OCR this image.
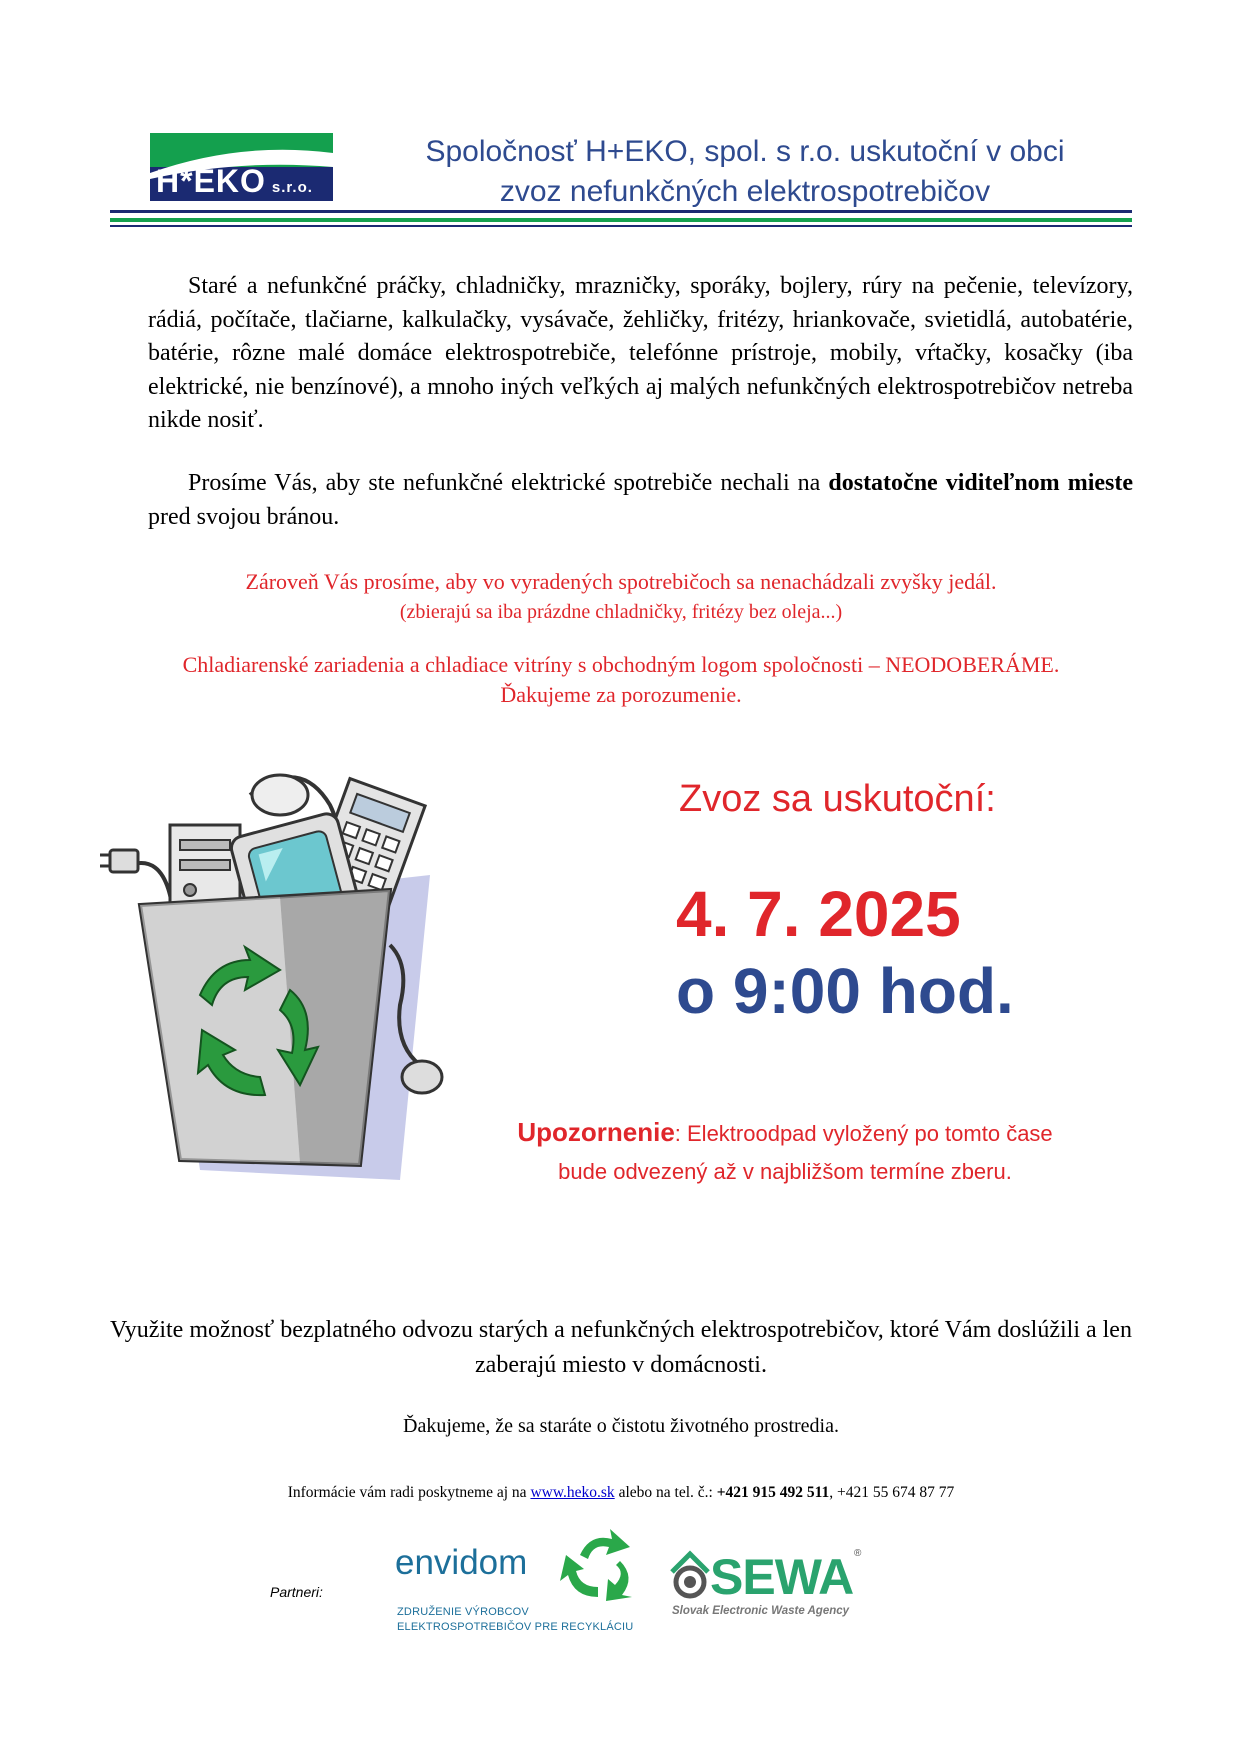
H*EKO s.r.o.
Spoločnosť H+EKO, spol. s r.o. uskutoční v obci
zvoz nefunkčných elektrospotrebičov
Staré a nefunkčné práčky, chladničky, mrazničky, sporáky, bojlery, rúry na pečenie, televízory, rádiá, počítače, tlačiarne, kalkulačky, vysávače, žehličky, fritézy, hriankovače, svietidlá, autobatérie, batérie, rôzne malé domáce elektrospotrebiče, telefónne prístroje, mobily, vŕtačky, kosačky (iba elektrické, nie benzínové), a mnoho iných veľkých aj malých nefunkčných elektrospotrebičov netreba nikde nosiť.
Prosíme Vás, aby ste nefunkčné elektrické spotrebiče nechali na dostatočne viditeľnom mieste pred svojou bránou.
Zároveň Vás prosíme, aby vo vyradených spotrebičoch sa nenachádzali zvyšky jedál.
(zbierajú sa iba prázdne chladničky, fritézy bez oleja...)
Chladiarenské zariadenia a chladiace vitríny s obchodným logom spoločnosti – NEODOBERÁME.
Ďakujeme za porozumenie.
Zvoz sa uskutoční:
4. 7. 2025
o 9:00 hod.
Upozornenie: Elektroodpad vyložený po tomto čase
bude odvezený až v najbližšom termíne zberu.
Využite možnosť bezplatného odvozu starých a nefunkčných elektrospotrebičov, ktoré Vám doslúžili a len zaberajú miesto v domácnosti.
Ďakujeme, že sa staráte o čistotu životného prostredia.
Informácie vám radi poskytneme aj na www.heko.sk alebo na tel. č.: +421 915 492 511, +421 55 674 87 77
Partneri:
envidom
ZDRUŽENIE VÝROBCOV
ELEKTROSPOTREBIČOV PRE RECYKLÁCIU
SEWA ®
Slovak Electronic Waste Agency
